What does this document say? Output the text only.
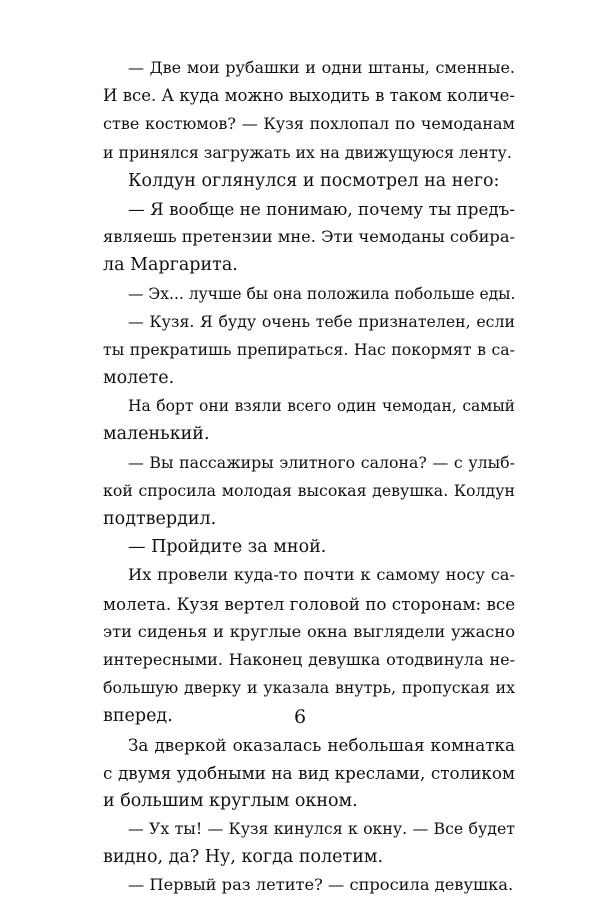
— Две мои рубашки и одни штаны, сменные.
И все. А куда можно выходить в таком количе-
стве костюмов? — Кузя похлопал по чемоданам
и принялся загружать их на движущуюся ленту.
Колдун оглянулся и посмотрел на него:
— Я вообще не понимаю, почему ты предъ-
являешь претензии мне. Эти чемоданы собира-
ла Маргарита.
— Эх... лучше бы она положила побольше еды.
— Кузя. Я буду очень тебе признателен, если
ты прекратишь препираться. Нас покормят в са-
молете.
На борт они взяли всего один чемодан, самый
маленький.
— Вы пассажиры элитного салона? — с улыб-
кой спросила молодая высокая девушка. Колдун
подтвердил.
— Пройдите за мной.
Их провели куда-то почти к самому носу са-
молета. Кузя вертел головой по сторонам: все
эти сиденья и круглые окна выглядели ужасно
интересными. Наконец девушка отодвинула не-
большую дверку и указала внутрь, пропуская их
вперед.
За дверкой оказалась небольшая комнатка
с двумя удобными на вид креслами, столиком
и большим круглым окном.
— Ух ты! — Кузя кинулся к окну. — Все будет
видно, да? Ну, когда полетим.
— Первый раз летите? — спросила девушка.
6
